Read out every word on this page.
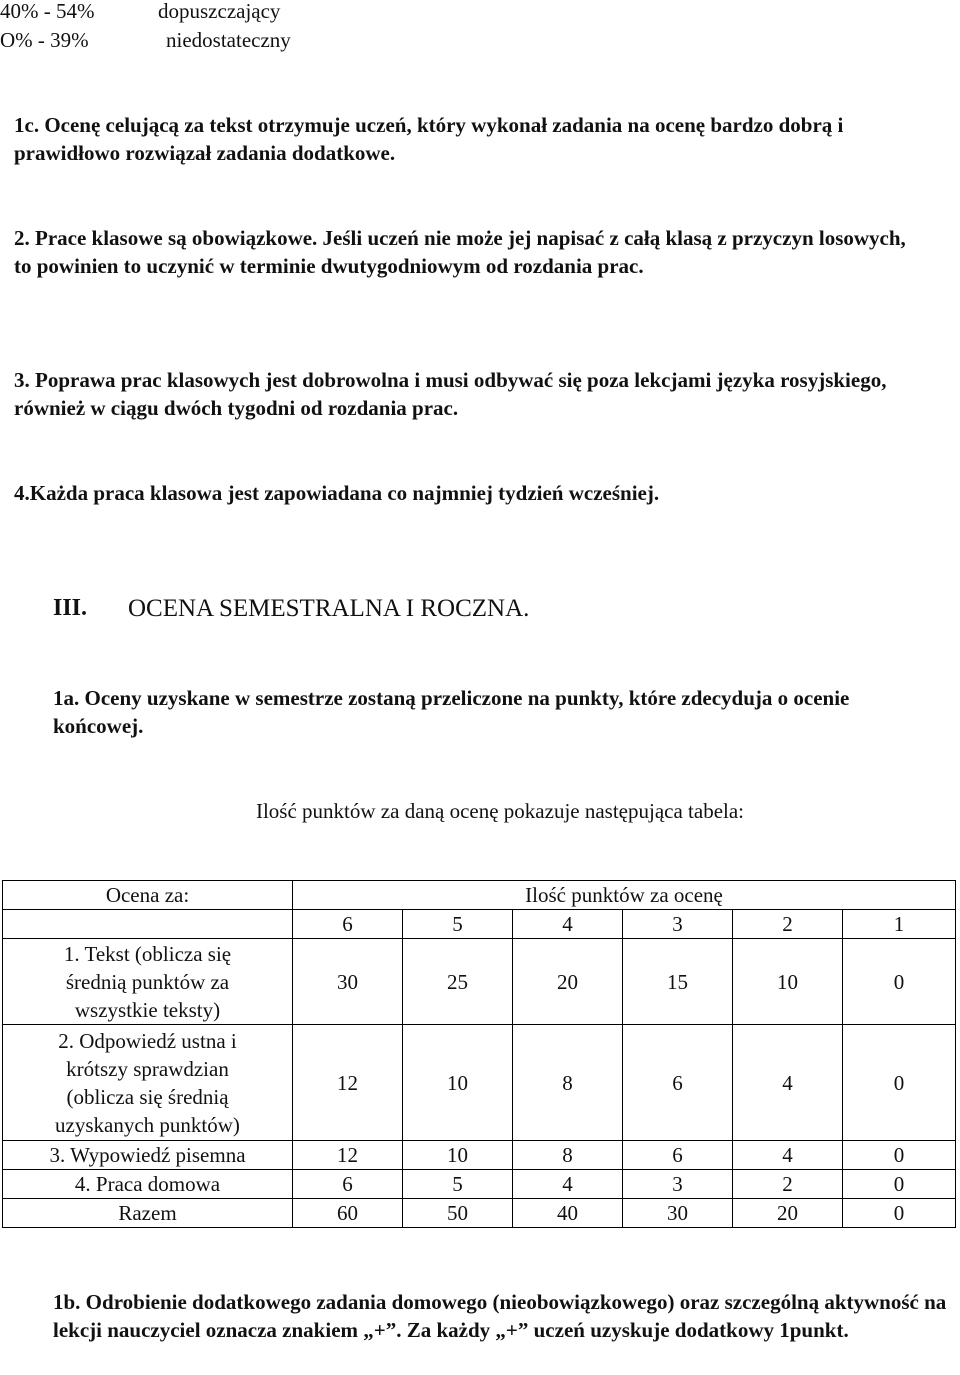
40% - 54%	dopuszczający
O% - 39%	niedostateczny
1c. Ocenę celującą za tekst otrzymuje uczeń, który wykonał zadania na ocenę bardzo dobrą i prawidłowo rozwiązał zadania dodatkowe.
2. Prace klasowe są obowiązkowe. Jeśli uczeń nie może jej napisać z całą klasą z przyczyn losowych, to powinien to uczynić w terminie dwutygodniowym od rozdania prac.
3. Poprawa prac klasowych jest dobrowolna i musi odbywać się poza lekcjami języka rosyjskiego, również w ciągu dwóch tygodni od rozdania prac.
4.Każda praca klasowa jest zapowiadana co najmniej tydzień wcześniej.
III. OCENA SEMESTRALNA I ROCZNA.
1a. Oceny uzyskane w semestrze zostaną przeliczone na punkty, które zdecyduja o ocenie końcowej.
Ilość punktów za daną ocenę pokazuje następująca tabela:
Ocena za:	Ilość punktów za ocenę					
	6	5	4	3	2	1
1. Tekst (oblicza się średnią punktów za wszystkie teksty)	30	25	20	15	10	0
2. Odpowiedź ustna i krótszy sprawdzian (oblicza się średnią uzyskanych punktów)	12	10	8	6	4	0
3. Wypowiedź pisemna	12	10	8	6	4	0
4. Praca domowa	6	5	4	3	2	0
Razem	60	50	40	30	20	0
1b. Odrobienie dodatkowego zadania domowego (nieobowiązkowego) oraz szczególną aktywność na lekcji nauczyciel oznacza znakiem „+”. Za każdy „+” uczeń uzyskuje dodatkowy 1punkt.
